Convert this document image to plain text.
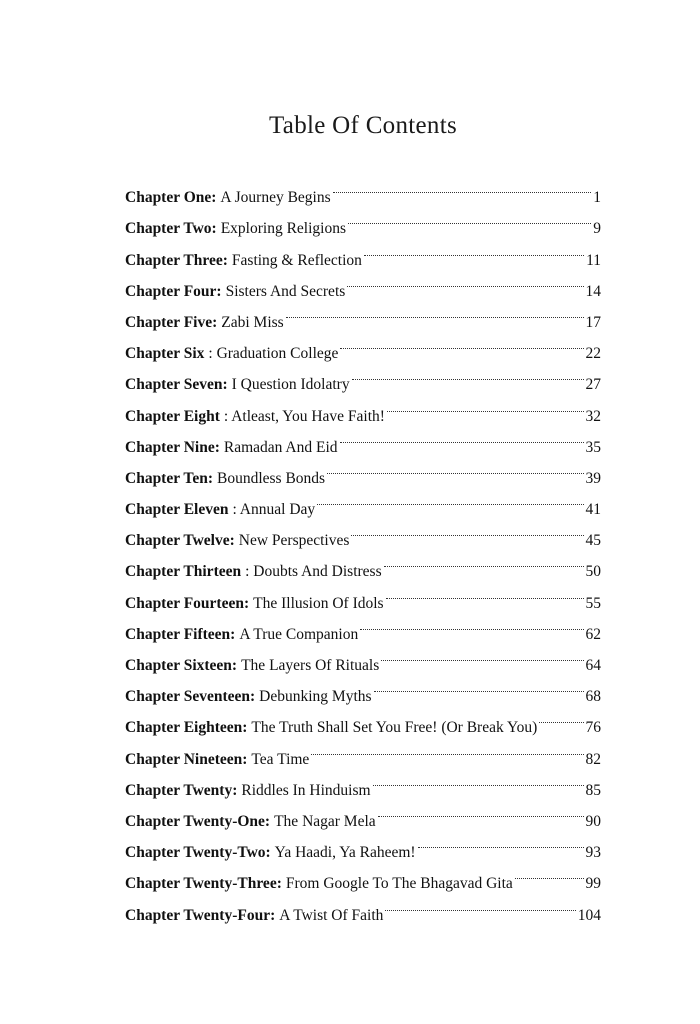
Table Of Contents
Chapter One: A Journey Begins	1
Chapter Two: Exploring Religions	9
Chapter Three: Fasting & Reflection	11
Chapter Four: Sisters And Secrets	14
Chapter Five: Zabi Miss	17
Chapter Six : Graduation College	22
Chapter Seven: I Question Idolatry	27
Chapter Eight : Atleast, You Have Faith!	32
Chapter Nine: Ramadan And Eid	35
Chapter Ten: Boundless Bonds	39
Chapter Eleven : Annual Day	41
Chapter Twelve: New Perspectives	45
Chapter Thirteen : Doubts And Distress	50
Chapter Fourteen: The Illusion Of Idols	55
Chapter Fifteen: A True Companion	62
Chapter Sixteen: The Layers Of Rituals	64
Chapter Seventeen: Debunking Myths	68
Chapter Eighteen: The Truth Shall Set You Free! (Or Break You)	76
Chapter Nineteen: Tea Time	82
Chapter Twenty: Riddles In Hinduism	85
Chapter Twenty-One: The Nagar Mela	90
Chapter Twenty-Two: Ya Haadi, Ya Raheem!	93
Chapter Twenty-Three: From Google To The Bhagavad Gita	99
Chapter Twenty-Four: A Twist Of Faith	104
